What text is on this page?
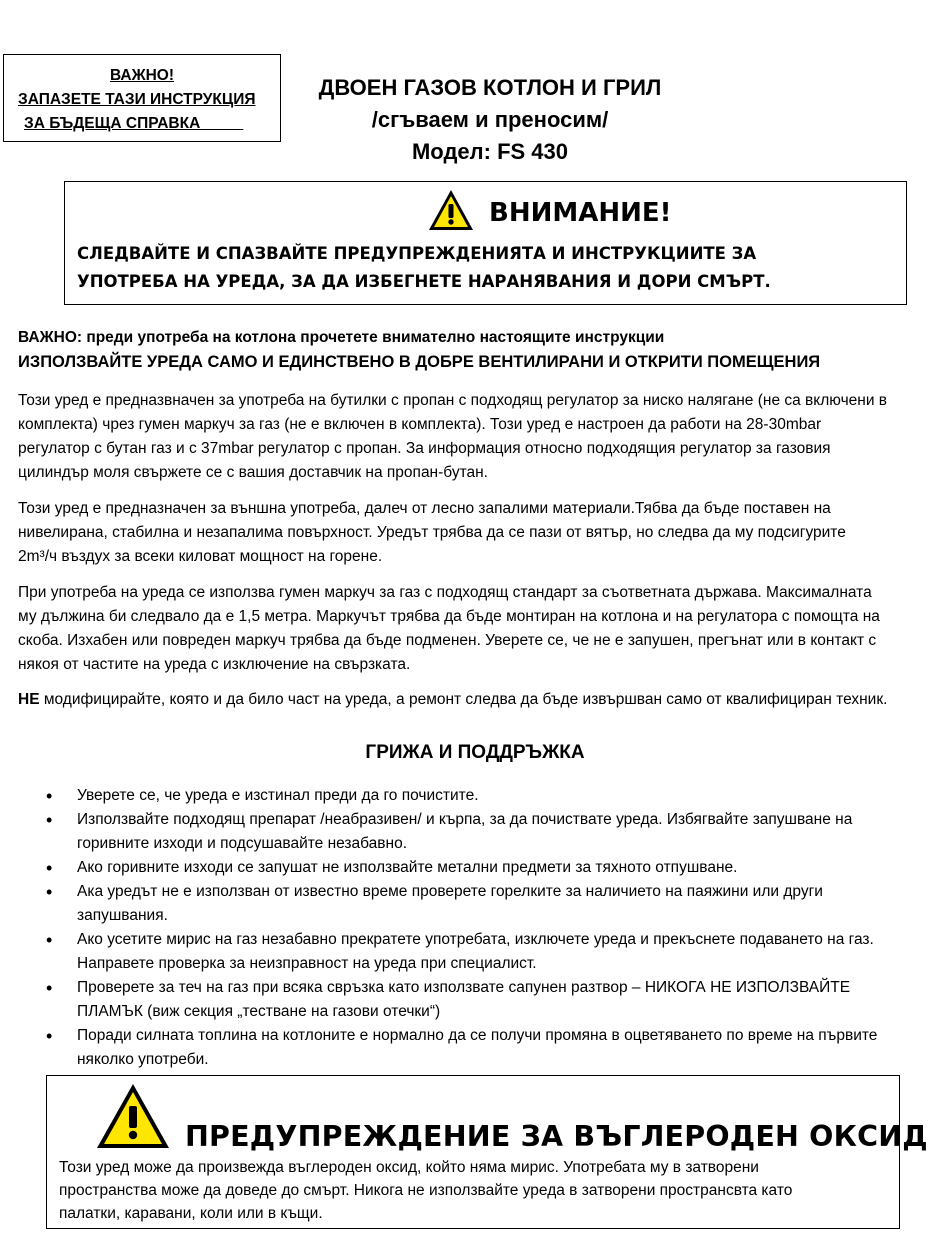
ВАЖНО!
ЗАПАЗЕТЕ ТАЗИ ИНСТРУКЦИЯ
ЗА БЪДЕЩА СПРАВКА
ДВОЕН ГАЗОВ КОТЛОН И ГРИЛ
/сгъваем и преносим/
Модел: FS 430
ВНИМАНИЕ!
СЛЕДВАЙТЕ И СПАЗВАЙТЕ ПРЕДУПРЕЖДЕНИЯТА И ИНСТРУКЦИИТЕ ЗА
УПОТРЕБА НА УРЕДА, ЗА ДА ИЗБЕГНЕТЕ НАРАНЯВАНИЯ И ДОРИ СМЪРТ.
ВАЖНО: преди употреба на котлона прочетете внимателно настоящите инструкции
ИЗПОЛЗВАЙТЕ УРЕДА САМО И ЕДИНСТВЕНО В ДОБРЕ ВЕНТИЛИРАНИ И ОТКРИТИ ПОМЕЩЕНИЯ
Този уред е предназвначен за употреба на бутилки с пропан с подходящ регулатор за ниско налягане (не са включени в
комплекта) чрез гумен маркуч за газ (не е включен в комплекта). Този уред е настроен да работи на 28-30mbar
регулатор с бутан газ и с 37mbar регулатор с пропан. За информация относно подходящия регулатор за газовия
цилиндър моля свържете се с вашия доставчик на пропан-бутан.
Този уред е предназначен за външна употреба, далеч от лесно запалими материали.Тябва да бъде поставен на
нивелирана, стабилна и незапалима повърхност. Уредът трябва да се пази от вятър, но следва да му подсигурите
2m³/ч въздух за всеки киловат мощност на горене.
При употреба на уреда се използва гумен маркуч за газ с подходящ стандарт за съответната държава. Максималната
му дължина би следвало да е 1,5 метра. Маркучът трябва да бъде монтиран на котлона и на регулатора с помощта на
скоба. Изхабен или повреден маркуч трябва да бъде подменен. Уверете се, че не е запушен, прегънат или в контакт с
някоя от частите на уреда с изключение на свързката.
НЕ модифицирайте, която и да било част на уреда, а ремонт следва да бъде извършван само от квалифициран техник.
ГРИЖА И ПОДДРЪЖКА
• Уверете се, че уреда е изстинал преди да го почистите.
• Използвайте подходящ препарат /неабразивен/ и кърпа, за да почиствате уреда. Избягвайте запушване на
горивните изходи и подсушавайте незабавно.
• Ако горивните изходи се запушат не използвайте метални предмети за тяхното отпушване.
• Ака уредът не е използван от известно време проверете горелките за наличието на паяжини или други
запушвания.
• Ако усетите мирис на газ незабавно прекратете употребата, изключете уреда и прекъснете подаването на газ.
Направете проверка за неизправност на уреда при специалист.
• Проверете за теч на газ при всяка свръзка като използвате сапунен разтвор – НИКОГА НЕ ИЗПОЛЗВАЙТЕ
ПЛАМЪК (виж секция „тестване на газови отечки“)
• Поради силната топлина на котлоните е нормално да се получи промяна в оцветяването по време на първите
няколко употреби.
ПРЕДУПРЕЖДЕНИЕ ЗА ВЪГЛЕРОДЕН ОКСИД
Този уред може да произвежда въглероден оксид, който няма мирис. Употребата му в затворени
пространства може да доведе до смърт. Никога не използвайте уреда в затворени пространсвта като
палатки, каравани, коли или в къщи.
